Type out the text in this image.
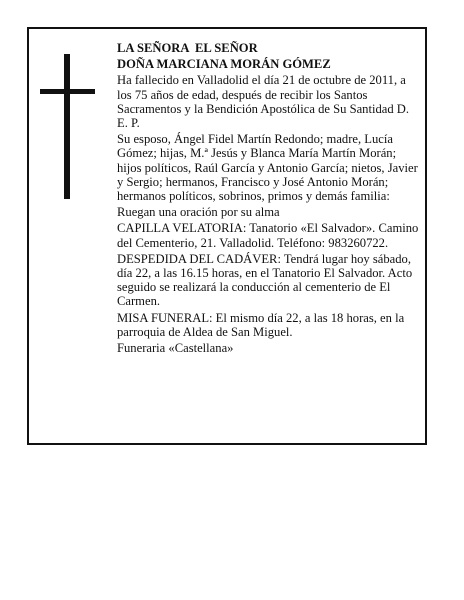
LA SEÑORA  EL SEÑOR

DOÑA MARCIANA MORÁN GÓMEZ

Ha fallecido en Valladolid el día 21 de octubre de 2011, a los 75 años de edad, después de recibir los Santos Sacramentos y la Bendición Apostólica de Su Santidad D. E. P.

Su esposo, Ángel Fidel Martín Redondo; madre, Lucía Gómez; hijas, M.ª Jesús y Blanca María Martín Morán; hijos políticos, Raúl García y Antonio García; nietos, Javier y Sergio; hermanos, Francisco y José Antonio Morán; hermanos políticos, sobrinos, primos y demás familia:

Ruegan una oración por su alma

CAPILLA VELATORIA: Tanatorio «El Salvador». Camino del Cementerio, 21. Valladolid. Teléfono: 983260722.

DESPEDIDA DEL CADÁVER: Tendrá lugar hoy sábado, día 22, a las 16.15 horas, en el Tanatorio El Salvador. Acto seguido se realizará la conducción al cementerio de El Carmen.

MISA FUNERAL: El mismo día 22, a las 18 horas, en la parroquia de Aldea de San Miguel.

Funeraria «Castellana»
